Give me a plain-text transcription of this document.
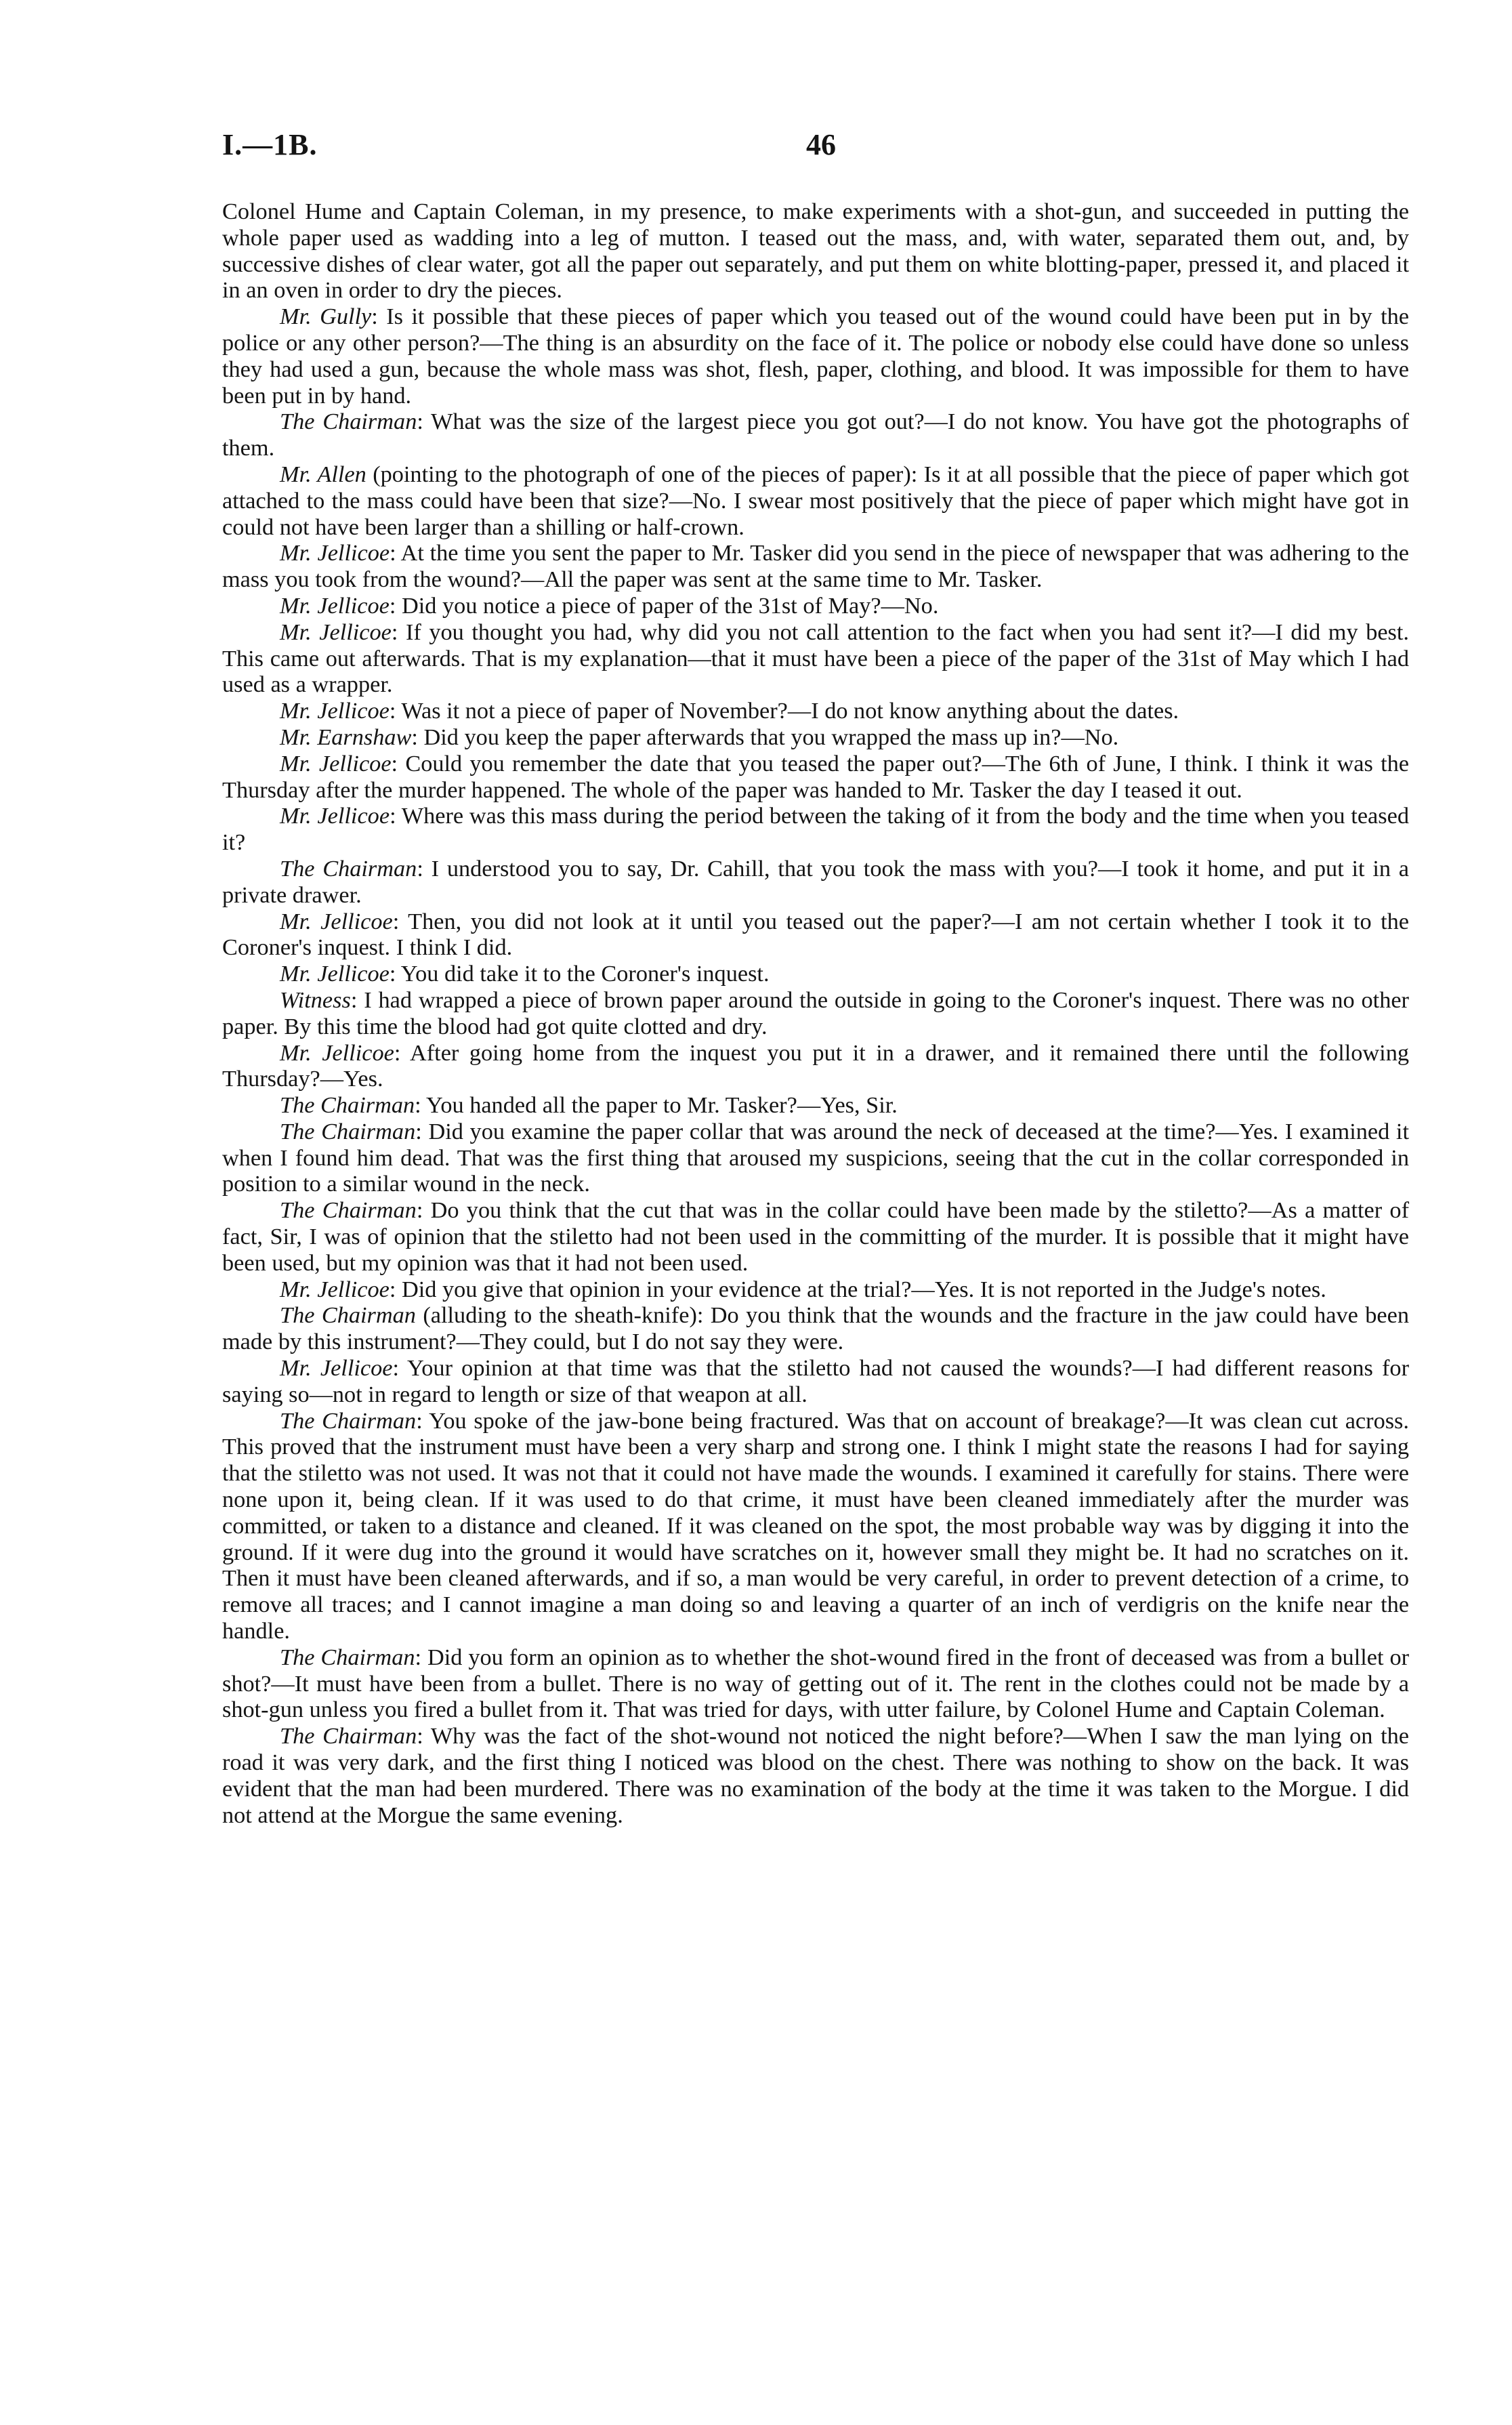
I.—1B.	46

Colonel Hume and Captain Coleman, in my presence, to make experiments with a shot-gun, and succeeded in putting the whole paper used as wadding into a leg of mutton. I teased out the mass, and, with water, separated them out, and, by successive dishes of clear water, got all the paper out separately, and put them on white blotting-paper, pressed it, and placed it in an oven in order to dry the pieces.

Mr. Gully: Is it possible that these pieces of paper which you teased out of the wound could have been put in by the police or any other person?—The thing is an absurdity on the face of it. The police or nobody else could have done so unless they had used a gun, because the whole mass was shot, flesh, paper, clothing, and blood. It was impossible for them to have been put in by hand.

The Chairman: What was the size of the largest piece you got out?—I do not know. You have got the photographs of them.

Mr. Allen (pointing to the photograph of one of the pieces of paper): Is it at all possible that the piece of paper which got attached to the mass could have been that size?—No. I swear most positively that the piece of paper which might have got in could not have been larger than a shilling or half-crown.

Mr. Jellicoe: At the time you sent the paper to Mr. Tasker did you send in the piece of newspaper that was adhering to the mass you took from the wound?—All the paper was sent at the same time to Mr. Tasker.

Mr. Jellicoe: Did you notice a piece of paper of the 31st of May?—No.

Mr. Jellicoe: If you thought you had, why did you not call attention to the fact when you had sent it?—I did my best. This came out afterwards. That is my explanation—that it must have been a piece of the paper of the 31st of May which I had used as a wrapper.

Mr. Jellicoe: Was it not a piece of paper of November?—I do not know anything about the dates.

Mr. Earnshaw: Did you keep the paper afterwards that you wrapped the mass up in?—No.

Mr. Jellicoe: Could you remember the date that you teased the paper out?—The 6th of June, I think. I think it was the Thursday after the murder happened. The whole of the paper was handed to Mr. Tasker the day I teased it out.

Mr. Jellicoe: Where was this mass during the period between the taking of it from the body and the time when you teased it?

The Chairman: I understood you to say, Dr. Cahill, that you took the mass with you?—I took it home, and put it in a private drawer.

Mr. Jellicoe: Then, you did not look at it until you teased out the paper?—I am not certain whether I took it to the Coroner's inquest. I think I did.

Mr. Jellicoe: You did take it to the Coroner's inquest.

Witness: I had wrapped a piece of brown paper around the outside in going to the Coroner's inquest. There was no other paper. By this time the blood had got quite clotted and dry.

Mr. Jellicoe: After going home from the inquest you put it in a drawer, and it remained there until the following Thursday?—Yes.

The Chairman: You handed all the paper to Mr. Tasker?—Yes, Sir.

The Chairman: Did you examine the paper collar that was around the neck of deceased at the time?—Yes. I examined it when I found him dead. That was the first thing that aroused my suspicions, seeing that the cut in the collar corresponded in position to a similar wound in the neck.

The Chairman: Do you think that the cut that was in the collar could have been made by the stiletto?—As a matter of fact, Sir, I was of opinion that the stiletto had not been used in the committing of the murder. It is possible that it might have been used, but my opinion was that it had not been used.

Mr. Jellicoe: Did you give that opinion in your evidence at the trial?—Yes. It is not reported in the Judge's notes.

The Chairman (alluding to the sheath-knife): Do you think that the wounds and the fracture in the jaw could have been made by this instrument?—They could, but I do not say they were.

Mr. Jellicoe: Your opinion at that time was that the stiletto had not caused the wounds?—I had different reasons for saying so—not in regard to length or size of that weapon at all.

The Chairman: You spoke of the jaw-bone being fractured. Was that on account of breakage?—It was clean cut across. This proved that the instrument must have been a very sharp and strong one. I think I might state the reasons I had for saying that the stiletto was not used. It was not that it could not have made the wounds. I examined it carefully for stains. There were none upon it, being clean. If it was used to do that crime, it must have been cleaned immediately after the murder was committed, or taken to a distance and cleaned. If it was cleaned on the spot, the most probable way was by digging it into the ground. If it were dug into the ground it would have scratches on it, however small they might be. It had no scratches on it. Then it must have been cleaned afterwards, and if so, a man would be very careful, in order to prevent detection of a crime, to remove all traces; and I cannot imagine a man doing so and leaving a quarter of an inch of verdigris on the knife near the handle.

The Chairman: Did you form an opinion as to whether the shot-wound fired in the front of deceased was from a bullet or shot?—It must have been from a bullet. There is no way of getting out of it. The rent in the clothes could not be made by a shot-gun unless you fired a bullet from it. That was tried for days, with utter failure, by Colonel Hume and Captain Coleman.

The Chairman: Why was the fact of the shot-wound not noticed the night before?—When I saw the man lying on the road it was very dark, and the first thing I noticed was blood on the chest. There was nothing to show on the back. It was evident that the man had been murdered. There was no examination of the body at the time it was taken to the Morgue. I did not attend at the Morgue the same evening.
